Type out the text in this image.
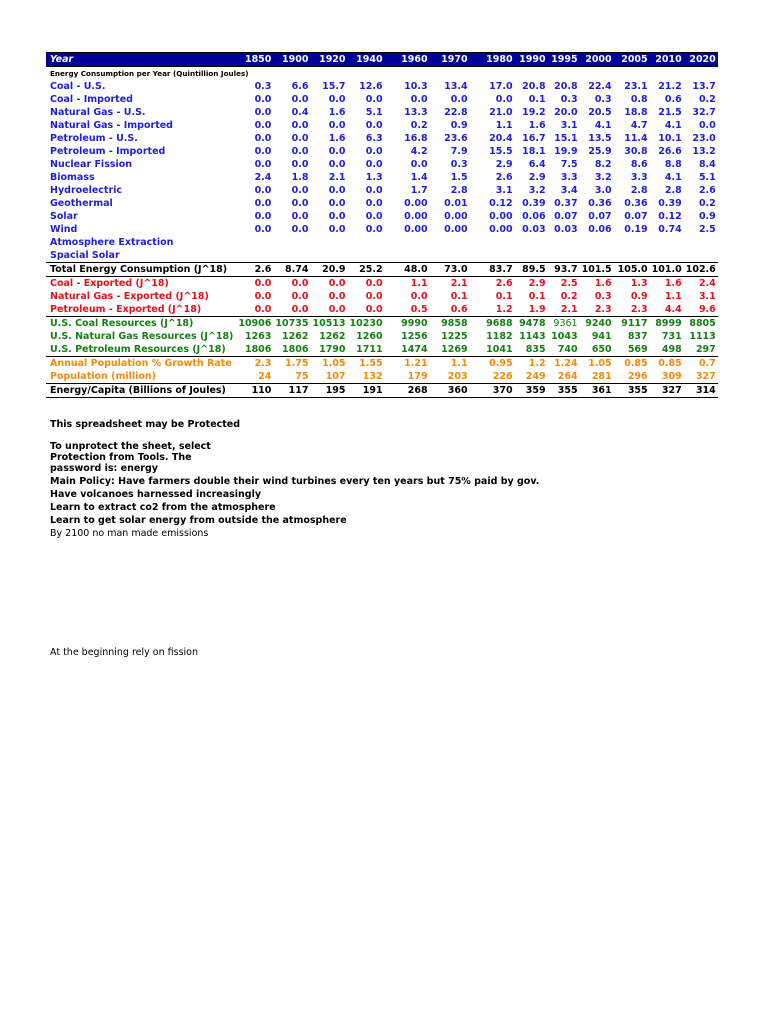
Year	1850	1900	1920	1940	1960	1970	1980	1990	1995	2000	2005	2010	2020
Energy Consumption per Year (Quintillion Joules)													
Coal - U.S.	0.3	6.6	15.7	12.6	10.3	13.4	17.0	20.8	20.8	22.4	23.1	21.2	13.7
Coal - Imported	0.0	0.0	0.0	0.0	0.0	0.0	0.0	0.1	0.3	0.3	0.8	0.6	0.2
Natural Gas - U.S.	0.0	0.4	1.6	5.1	13.3	22.8	21.0	19.2	20.0	20.5	18.8	21.5	32.7
Natural Gas - Imported	0.0	0.0	0.0	0.0	0.2	0.9	1.1	1.6	3.1	4.1	4.7	4.1	0.0
Petroleum - U.S.	0.0	0.0	1.6	6.3	16.8	23.6	20.4	16.7	15.1	13.5	11.4	10.1	23.0
Petroleum - Imported	0.0	0.0	0.0	0.0	4.2	7.9	15.5	18.1	19.9	25.9	30.8	26.6	13.2
Nuclear Fission	0.0	0.0	0.0	0.0	0.0	0.3	2.9	6.4	7.5	8.2	8.6	8.8	8.4
Biomass	2.4	1.8	2.1	1.3	1.4	1.5	2.6	2.9	3.3	3.2	3.3	4.1	5.1
Hydroelectric	0.0	0.0	0.0	0.0	1.7	2.8	3.1	3.2	3.4	3.0	2.8	2.8	2.6
Geothermal	0.0	0.0	0.0	0.0	0.00	0.01	0.12	0.39	0.37	0.36	0.36	0.39	0.2
Solar	0.0	0.0	0.0	0.0	0.00	0.00	0.00	0.06	0.07	0.07	0.07	0.12	0.9
Wind	0.0	0.0	0.0	0.0	0.00	0.00	0.00	0.03	0.03	0.06	0.19	0.74	2.5
Atmosphere Extraction													
Spacial Solar													
Total Energy Consumption (J^18)	2.6	8.74	20.9	25.2	48.0	73.0	83.7	89.5	93.7	101.5	105.0	101.0	102.6
Coal - Exported (J^18)	0.0	0.0	0.0	0.0	1.1	2.1	2.6	2.9	2.5	1.6	1.3	1.6	2.4
Natural Gas - Exported (J^18)	0.0	0.0	0.0	0.0	0.0	0.1	0.1	0.1	0.2	0.3	0.9	1.1	3.1
Petroleum - Exported (J^18)	0.0	0.0	0.0	0.0	0.5	0.6	1.2	1.9	2.1	2.3	2.3	4.4	9.6
U.S. Coal Resources (J^18)	10906	10735	10513	10230	9990	9858	9688	9478	9361	9240	9117	8999	8805
U.S. Natural Gas Resources (J^18)	1263	1262	1262	1260	1256	1225	1182	1143	1043	941	837	731	1113
U.S. Petroleum Resources (J^18)	1806	1806	1790	1711	1474	1269	1041	835	740	650	569	498	297
Annual Population % Growth Rate	2.3	1.75	1.05	1.55	1.21	1.1	0.95	1.2	1.24	1.05	0.85	0.85	0.7
Population (million)	24	75	107	132	179	203	226	249	264	281	296	309	327
Energy/Capita (Billions of Joules)	110	117	195	191	268	360	370	359	355	361	355	327	314
This spreadsheet may be Protected
To unprotect the sheet, select
Protection from Tools. The
password is: energy
Main Policy: Have farmers double their wind turbines every ten years but 75% paid by gov.
Have volcanoes harnessed increasingly
Learn to extract co2 from the atmosphere
Learn to get solar energy from outside the atmosphere
By 2100 no man made emissions
At the beginning rely on fission
